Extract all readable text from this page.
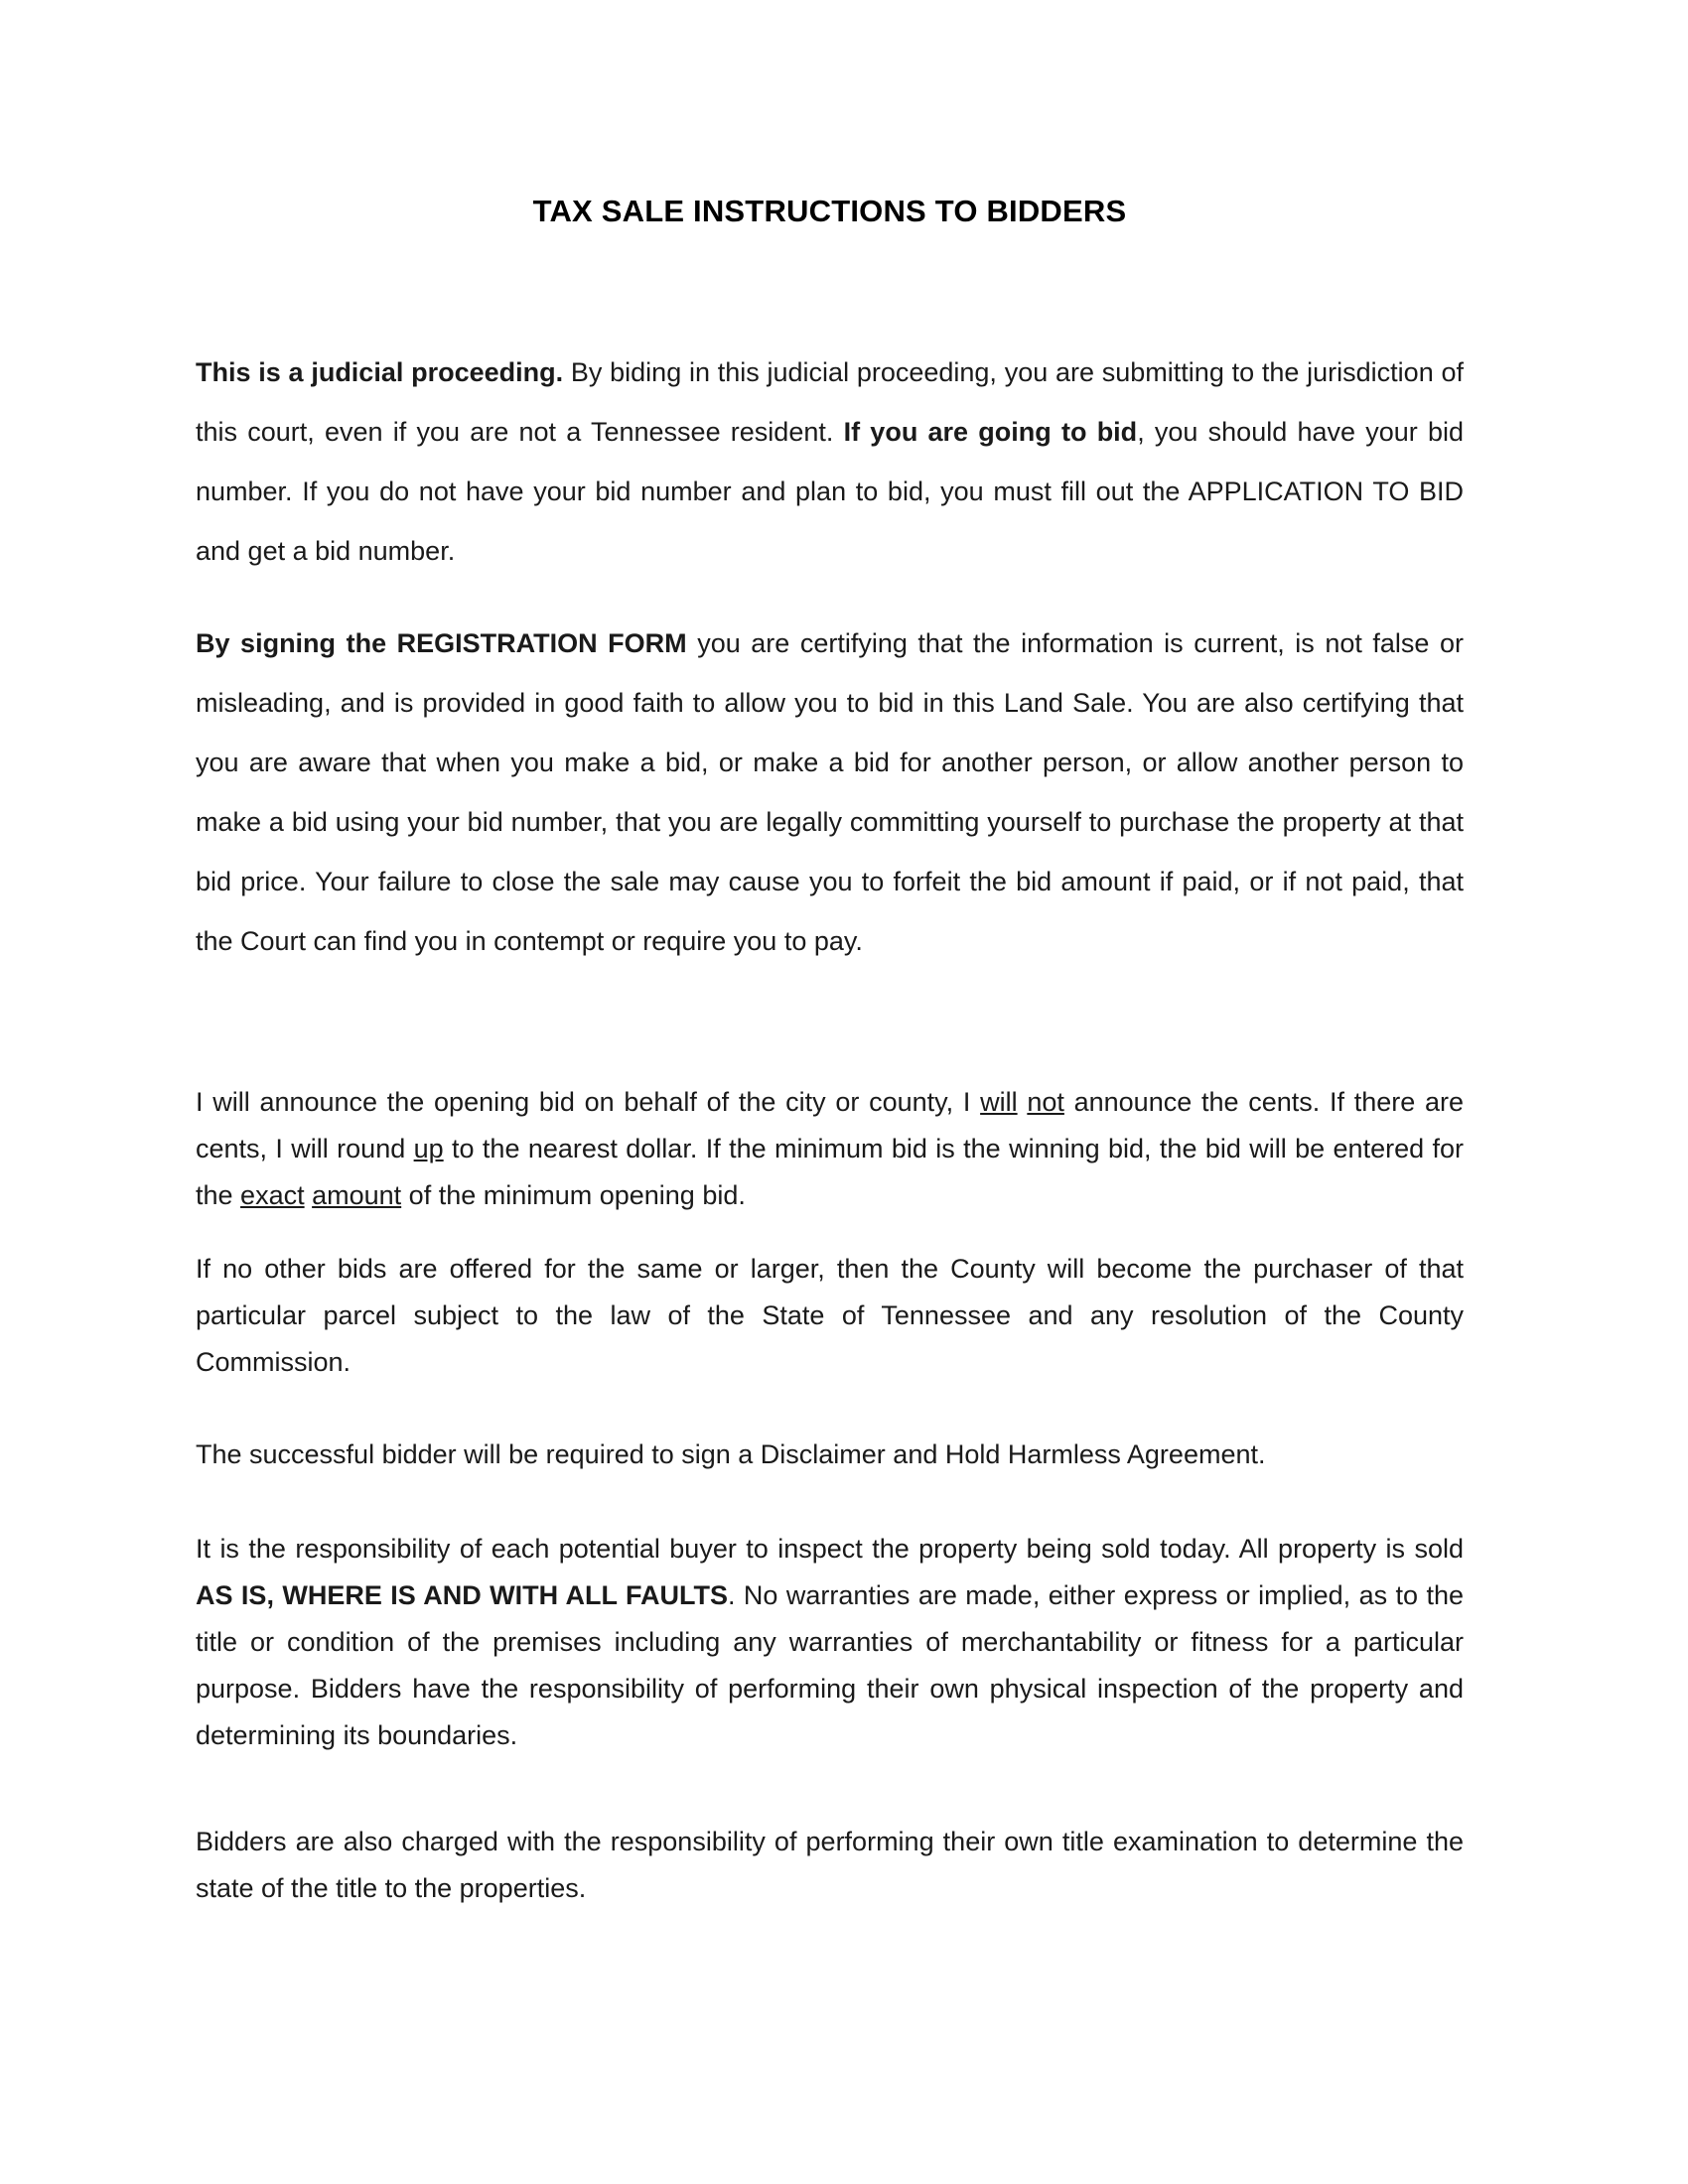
TAX SALE INSTRUCTIONS TO BIDDERS

This is a judicial proceeding. By biding in this judicial proceeding, you are submitting to the jurisdiction of this court, even if you are not a Tennessee resident. If you are going to bid, you should have your bid number. If you do not have your bid number and plan to bid, you must fill out the APPLICATION TO BID and get a bid number.

By signing the REGISTRATION FORM you are certifying that the information is current, is not false or misleading, and is provided in good faith to allow you to bid in this Land Sale. You are also certifying that you are aware that when you make a bid, or make a bid for another person, or allow another person to make a bid using your bid number, that you are legally committing yourself to purchase the property at that bid price. Your failure to close the sale may cause you to forfeit the bid amount if paid, or if not paid, that the Court can find you in contempt or require you to pay.

I will announce the opening bid on behalf of the city or county, I will not announce the cents. If there are cents, I will round up to the nearest dollar. If the minimum bid is the winning bid, the bid will be entered for the exact amount of the minimum opening bid.

If no other bids are offered for the same or larger, then the County will become the purchaser of that particular parcel subject to the law of the State of Tennessee and any resolution of the County Commission.

The successful bidder will be required to sign a Disclaimer and Hold Harmless Agreement.

It is the responsibility of each potential buyer to inspect the property being sold today. All property is sold AS IS, WHERE IS AND WITH ALL FAULTS. No warranties are made, either express or implied, as to the title or condition of the premises including any warranties of merchantability or fitness for a particular purpose. Bidders have the responsibility of performing their own physical inspection of the property and determining its boundaries.

Bidders are also charged with the responsibility of performing their own title examination to determine the state of the title to the properties.
